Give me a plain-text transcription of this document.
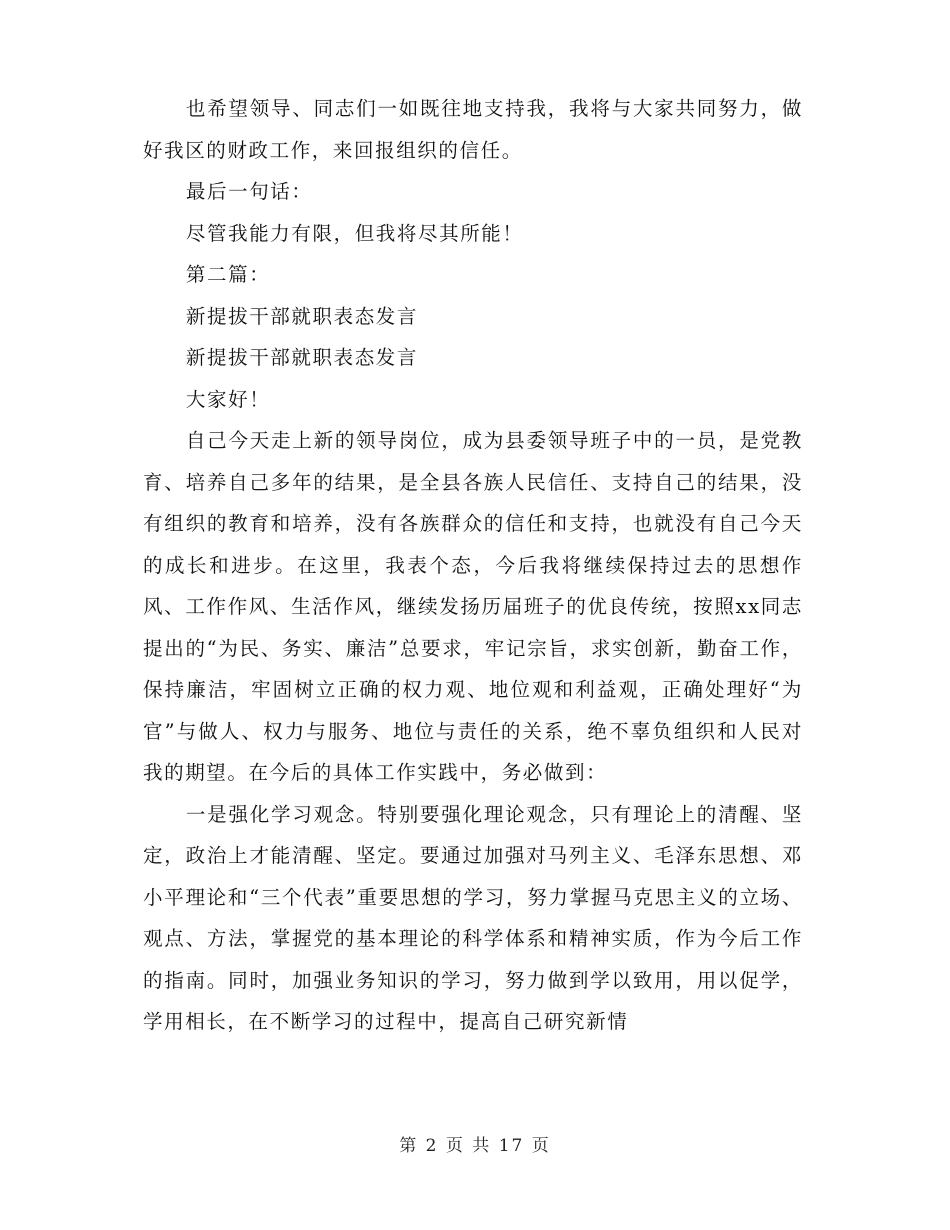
也希望领导、同志们一如既往地支持我，我将与大家共同努力，做好我区的财政工作，来回报组织的信任。

最后一句话：

尽管我能力有限，但我将尽其所能！

第二篇：

新提拔干部就职表态发言

新提拔干部就职表态发言

大家好！

自己今天走上新的领导岗位，成为县委领导班子中的一员，是党教育、培养自己多年的结果，是全县各族人民信任、支持自己的结果，没有组织的教育和培养，没有各族群众的信任和支持，也就没有自己今天的成长和进步。在这里，我表个态，今后我将继续保持过去的思想作风、工作作风、生活作风，继续发扬历届班子的优良传统，按照xx同志提出的“为民、务实、廉洁”总要求，牢记宗旨，求实创新，勤奋工作，保持廉洁，牢固树立正确的权力观、地位观和利益观，正确处理好“为官”与做人、权力与服务、地位与责任的关系，绝不辜负组织和人民对我的期望。在今后的具体工作实践中，务必做到：

一是强化学习观念。特别要强化理论观念，只有理论上的清醒、坚定，政治上才能清醒、坚定。要通过加强对马列主义、毛泽东思想、邓小平理论和“三个代表”重要思想的学习，努力掌握马克思主义的立场、观点、方法，掌握党的基本理论的科学体系和精神实质，作为今后工作的指南。同时，加强业务知识的学习，努力做到学以致用，用以促学，学用相长，在不断学习的过程中，提高自己研究新情

第 2 页 共 17 页
